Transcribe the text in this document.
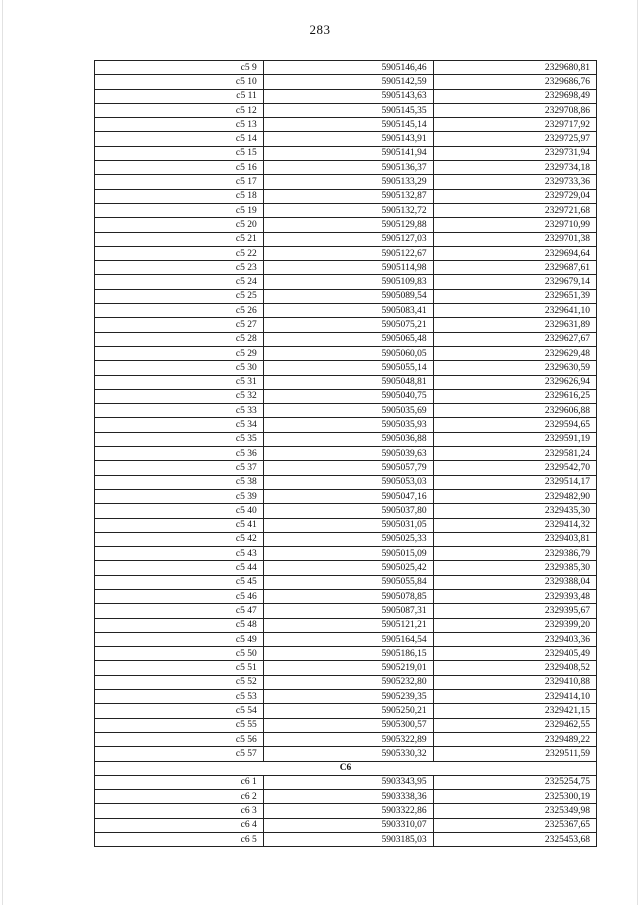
283
с5 9	5905146,46	2329680,81
с5 10	5905142,59	2329686,76
с5 11	5905143,63	2329698,49
с5 12	5905145,35	2329708,86
с5 13	5905145,14	2329717,92
с5 14	5905143,91	2329725,97
с5 15	5905141,94	2329731,94
с5 16	5905136,37	2329734,18
с5 17	5905133,29	2329733,36
с5 18	5905132,87	2329729,04
с5 19	5905132,72	2329721,68
с5 20	5905129,88	2329710,99
с5 21	5905127,03	2329701,38
с5 22	5905122,67	2329694,64
с5 23	5905114,98	2329687,61
с5 24	5905109,83	2329679,14
с5 25	5905089,54	2329651,39
с5 26	5905083,41	2329641,10
с5 27	5905075,21	2329631,89
с5 28	5905065,48	2329627,67
с5 29	5905060,05	2329629,48
с5 30	5905055,14	2329630,59
с5 31	5905048,81	2329626,94
с5 32	5905040,75	2329616,25
с5 33	5905035,69	2329606,88
с5 34	5905035,93	2329594,65
с5 35	5905036,88	2329591,19
с5 36	5905039,63	2329581,24
с5 37	5905057,79	2329542,70
с5 38	5905053,03	2329514,17
с5 39	5905047,16	2329482,90
с5 40	5905037,80	2329435,30
с5 41	5905031,05	2329414,32
с5 42	5905025,33	2329403,81
с5 43	5905015,09	2329386,79
с5 44	5905025,42	2329385,30
с5 45	5905055,84	2329388,04
с5 46	5905078,85	2329393,48
с5 47	5905087,31	2329395,67
с5 48	5905121,21	2329399,20
с5 49	5905164,54	2329403,36
с5 50	5905186,15	2329405,49
с5 51	5905219,01	2329408,52
с5 52	5905232,80	2329410,88
с5 53	5905239,35	2329414,10
с5 54	5905250,21	2329421,15
с5 55	5905300,57	2329462,55
с5 56	5905322,89	2329489,22
с5 57	5905330,32	2329511,59
С6		
с6 1	5903343,95	2325254,75
с6 2	5903338,36	2325300,19
с6 3	5903322,86	2325349,98
с6 4	5903310,07	2325367,65
с6 5	5903185,03	2325453,68
